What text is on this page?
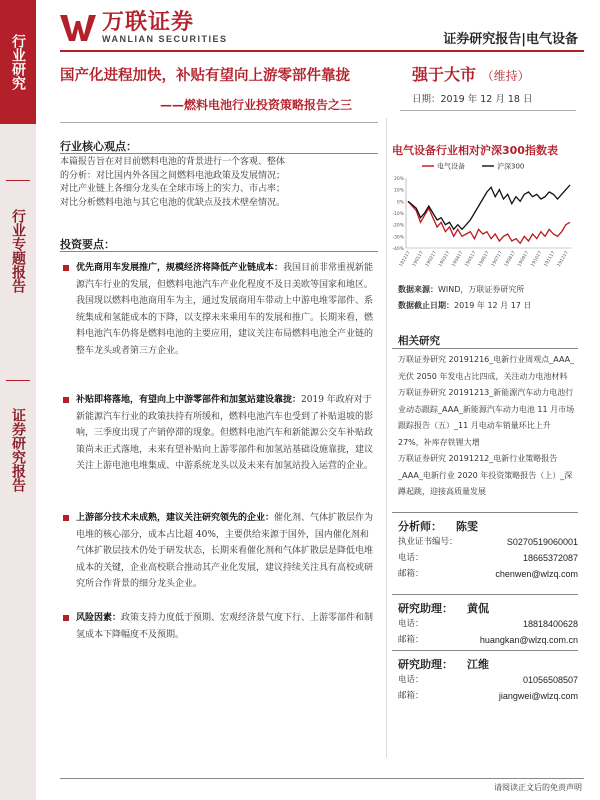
行业研究
行业专题报告
证券研究报告
万联证券
WANLIAN SECURITIES	证券研究报告|电气设备
国产化进程加快，补贴有望向上游零部件靠拢
——燃料电池行业投资策略报告之三
强于大市 （维持）
日期：2019 年 12 月 18 日
行业核心观点：

本篇报告旨在对目前燃料电池的背景进行一个客观、整体

的分析：对比国内外各国之间燃料电池政策及发展情况；

对比产业链上各细分龙头在全球市场上的实力、市占率；

对比分析燃料电池与其它电池的优缺点及技术壁垒情况。

投资要点：
优先商用车发展推广，规模经济将降低产业链成本：我国目前非常重视新能源汽车行业的发展，但燃料电池汽车产业化程度不及日美欧等国家和地区。我国现以燃料电池商用车为主，通过发展商用车带动上中游电堆零部件、系统集成和氢能成本的下降，以支撑未来乘用车的发展和推广。长期来看，燃料电池汽车仍将是燃料电池的主要应用，建议关注布局燃料电池全产业链的整车龙头或者第三方企业。
补贴即将落地，有望向上中游零部件和加氢站建设靠拢：2019 年政府对于新能源汽车行业的政策扶持有所缓和，燃料电池汽车也受到了补贴退坡的影响，三季度出现了产销停滞的现象。但燃料电池汽车和新能源公交车补贴政策尚未正式落地，未来有望补贴向上游零部件和加氢站基础设施靠拢，建议关注上游电池电堆集成、中游系统龙头以及未来有加氢站投入运营的企业。
上游部分技术未成熟，建议关注研究领先的企业：催化剂、气体扩散层作为电堆的核心部分，成本占比超 40%，主要供给来源于国外，国内催化剂和气体扩散层技术仍处于研发状态，长期来看催化剂和气体扩散层是降低电堆成本的关键，企业高校联合推动其产业化发展，建议持续关注具有高校或研究所合作背景的细分龙头企业。
风险因素：政策支持力度低于预期、宏观经济景气度下行、上游零部件和制氢成本下降幅度不及预期。
电气设备行业相对沪深300指数表
电气设备	沪深300
-40%
-30%
-20%
-10%
0%
10%
20%
181217 190117 190217 190317 190417 190517 190617 190717 190817 190917 191017 191117 191217
数据来源：WIND，万联证券研究所
数据截止日期：2019 年 12 月 17 日
相关研究
万联证券研究 20191216_电新行业周观点_AAA_光伏 2050 年发电占比四成，关注动力电池材料
万联证券研究 20191213_新能源汽车动力电池行业动态跟踪_AAA_新能源汽车动力电池 11 月市场跟踪报告（五）_11 月电动车销量环比上升 27%，补库存铁锂大增
万联证券研究 20191212_电新行业策略报告_AAA_电新行业 2020 年投资策略报告（上）_深蹲起跳，迎接高质量发展
分析师： 陈雯
执业证书编号：	S0270519060001
电话：	18665372087
邮箱：	chenwen@wlzq.com
研究助理： 黄侃
电话：	18818400628
邮箱：	huangkan@wlzq.com.cn
研究助理： 江维
电话：	01056508507
邮箱：	jiangwei@wlzq.com
请阅读正文后的免责声明
